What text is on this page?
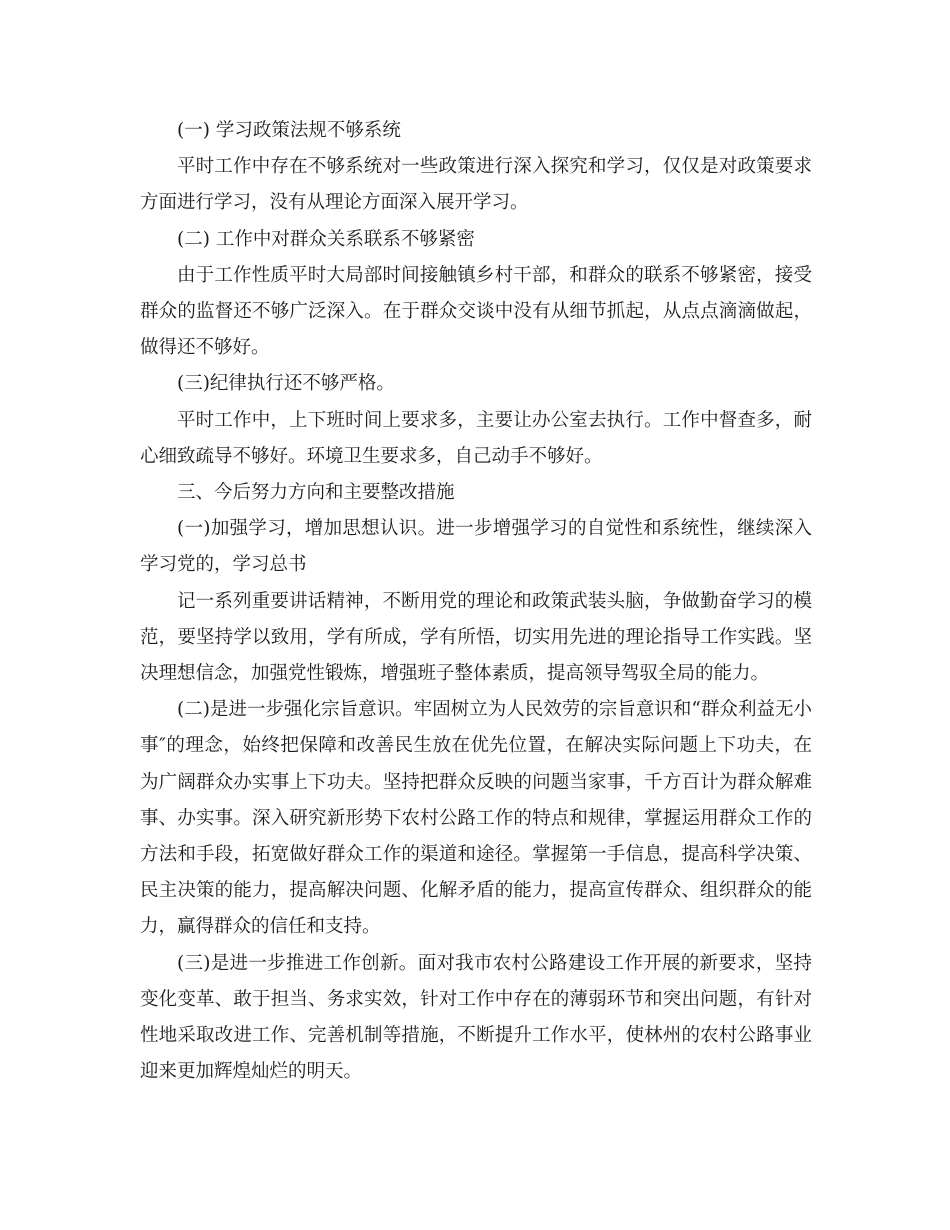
(一) 学习政策法规不够系统

平时工作中存在不够系统对一些政策进行深入探究和学习，仅仅是对政策要求方面进行学习，没有从理论方面深入展开学习。

(二) 工作中对群众关系联系不够紧密

由于工作性质平时大局部时间接触镇乡村干部，和群众的联系不够紧密，接受群众的监督还不够广泛深入。在于群众交谈中没有从细节抓起，从点点滴滴做起，做得还不够好。

(三)纪律执行还不够严格。

平时工作中，上下班时间上要求多，主要让办公室去执行。工作中督查多，耐心细致疏导不够好。环境卫生要求多，自己动手不够好。

三、今后努力方向和主要整改措施

(一)加强学习，增加思想认识。进一步增强学习的自觉性和系统性，继续深入学习党的，学习总书

记一系列重要讲话精神，不断用党的理论和政策武装头脑，争做勤奋学习的模范，要坚持学以致用，学有所成，学有所悟，切实用先进的理论指导工作实践。坚决理想信念，加强党性锻炼，增强班子整体素质，提高领导驾驭全局的能力。

(二)是进一步强化宗旨意识。牢固树立为人民效劳的宗旨意识和“群众利益无小事″的理念，始终把保障和改善民生放在优先位置，在解决实际问题上下功夫，在为广阔群众办实事上下功夫。坚持把群众反映的问题当家事，千方百计为群众解难事、办实事。深入研究新形势下农村公路工作的特点和规律，掌握运用群众工作的方法和手段，拓宽做好群众工作的渠道和途径。掌握第一手信息，提高科学决策、民主决策的能力，提高解决问题、化解矛盾的能力，提高宣传群众、组织群众的能力，赢得群众的信任和支持。

(三)是进一步推进工作创新。面对我市农村公路建设工作开展的新要求，坚持变化变革、敢于担当、务求实效，针对工作中存在的薄弱环节和突出问题，有针对性地采取改进工作、完善机制等措施，不断提升工作水平，使林州的农村公路事业迎来更加辉煌灿烂的明天。
